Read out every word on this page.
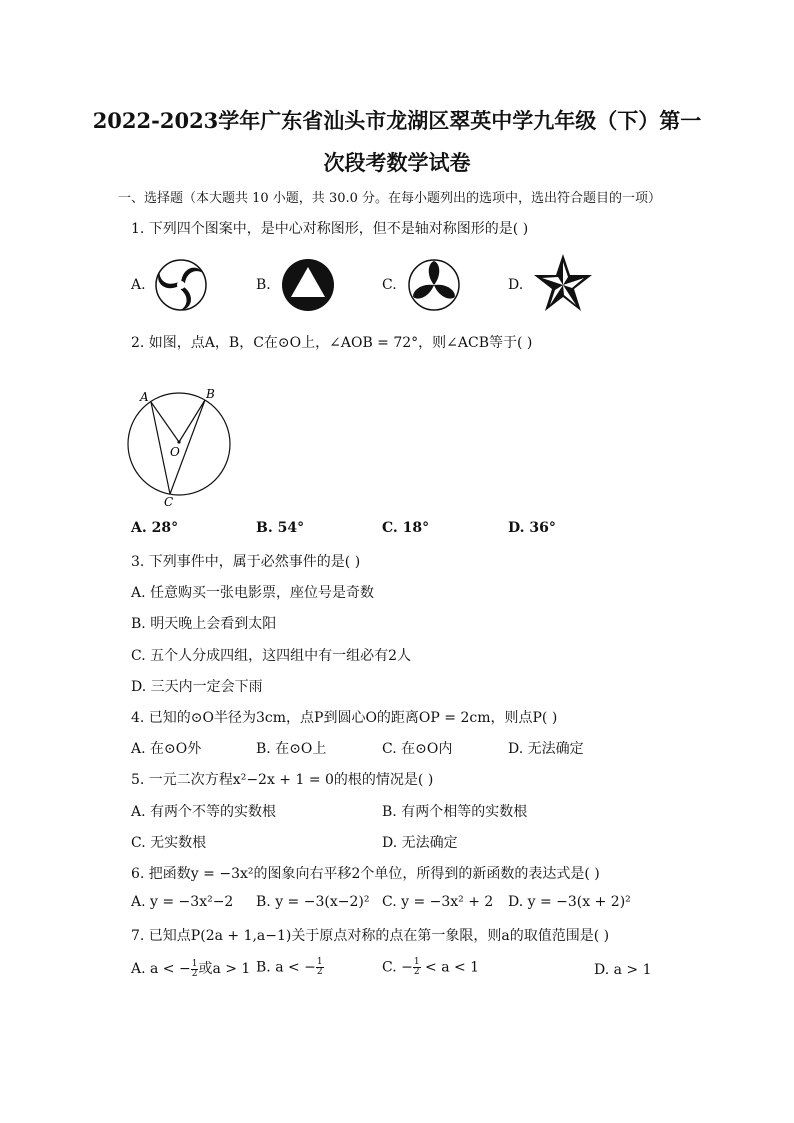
2022-2023学年广东省汕头市龙湖区翠英中学九年级（下）第一
次段考数学试卷
一、选择题（本大题共 10 小题，共 30.0 分。在每小题列出的选项中，选出符合题目的一项）
1. 下列四个图案中，是中心对称图形，但不是轴对称图形的是( )
A.	B.	C.	D.
2. 如图，点A，B，C在⊙O上，∠AOB = 72°，则∠ACB等于( )
A	B
O
C
A. 28°	B. 54°	C. 18°	D. 36°
3. 下列事件中，属于必然事件的是( )
A. 任意购买一张电影票，座位号是奇数
B. 明天晚上会看到太阳
C. 五个人分成四组，这四组中有一组必有2人
D. 三天内一定会下雨
4. 已知的⊙O半径为3cm，点P到圆心O的距离OP = 2cm，则点P( )
A. 在⊙O外	B. 在⊙O上	C. 在⊙O内	D. 无法确定
5. 一元二次方程x²−2x + 1 = 0的根的情况是( )
A. 有两个不等的实数根	B. 有两个相等的实数根
C. 无实数根	D. 无法确定
6. 把函数y = −3x²的图象向右平移2个单位，所得到的新函数的表达式是( )
A. y = −3x²−2 B. y = −3(x−2)² C. y = −3x² + 2 D. y = −3(x + 2)²
7. 已知点P(2a + 1,a−1)关于原点对称的点在第一象限，则a的取值范围是( )
A. a < − $\frac{1}{2}$ 或a > 1 B. a < − $\frac{1}{2}$	C. − $\frac{1}{2} < a < 1$	D. a > 1
